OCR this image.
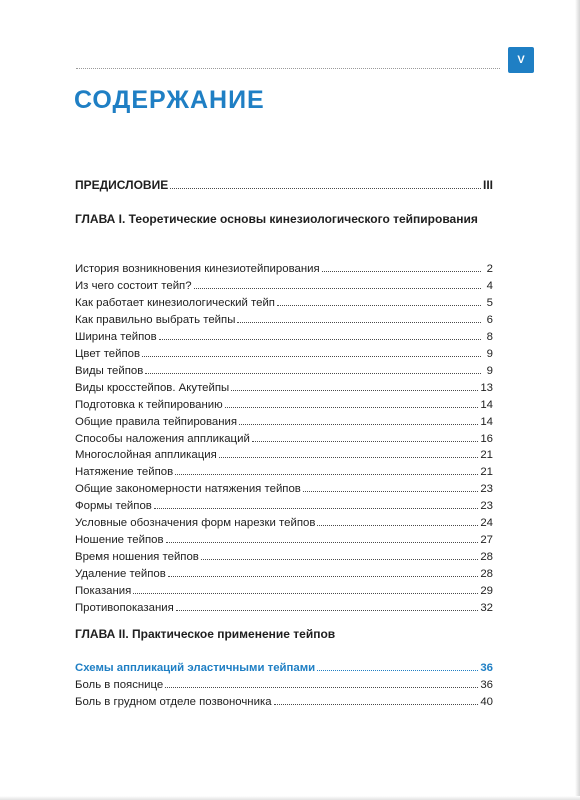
V
СОДЕРЖАНИЕ
ПРЕДИСЛОВИЕ	III
ГЛАВА I. Теоретические основы кинезиологического тейпирования
История возникновения кинезиотейпирования	2
Из чего состоит тейп?	4
Как работает кинезиологический тейп	5
Как правильно выбрать тейпы	6
Ширина тейпов	8
Цвет тейпов	9
Виды тейпов	9
Виды кросстейпов. Акутейпы	13
Подготовка к тейпированию	14
Общие правила тейпирования	14
Способы наложения аппликаций	16
Многослойная аппликация	21
Натяжение тейпов	21
Общие закономерности натяжения тейпов	23
Формы тейпов	23
Условные обозначения форм нарезки тейпов	24
Ношение тейпов	27
Время ношения тейпов	28
Удаление тейпов	28
Показания	29
Противопоказания	32
ГЛАВА II. Практическое применение тейпов
Схемы аппликаций эластичными тейпами	36
Боль в пояснице	36
Боль в грудном отделе позвоночника	40
